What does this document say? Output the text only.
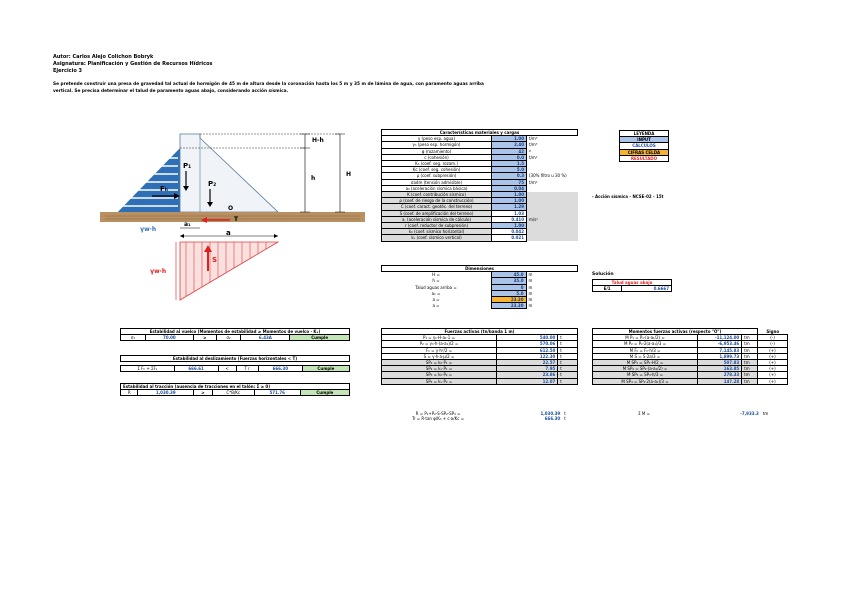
Autor: Carlos Alejo Colichon Bobryk
Asignatura: Planificación y Gestión de Recursos Hídricos
Ejercicio 3
Se pretende construir una presa de gravedad tal actual de hormigón de 45 m de altura desde la coronación hasta los 5 m y 35 m de lámina de agua, con paramento aguas arriba
vertical. Se precisa determinar el talud de paramento aguas abajo, considerando acción sísmica.
P₁
P₂
Fₕ
O
T
a₁
a
γw·h
S
γw·h
H-h
h
H
Características materiales y cargas		
γ (peso esp. agua)	1.00	t/m³
γₕ (peso esp. hormigón)	2.40	t/m³
φ (rozamiento)	42	º
c (cohesión)	0.0	t/m²
Kₕ (coef. seg. rozam.)	1.5	
Kc (coef. seg. cohesión)	5.0	
μ (coef. subpresión)	0.3	(30% filtro u 30 %)
σadm (tensión admisible)	75	t/m²
a₀ (aceleración sísmica básica)	0.04	
K (coef. contribución sísmico)	1.00	
ρ (coef. de riesgo de la construcción)	1.00	
C (coef. caract. geotéc. del terreno)	1.29	
S (coef. de amplificación del terreno)	1.03	
a꜀ (aceleración sísmica de cálculo)	0.410	m/s²
r (coef. reductor de subpresión)	1.00	
kₕ (coef. sísmico horizontal)	0.042	
kᵥ (coef. sísmico vertical)	0.021	
LEYENDA
INPUT
CÁLCULOS
CIFRAS CELDA
RESULTADO
- Acción sísmica - NCSE-02 - 15t
Dimensiones		
H =	45.0	m
h =	35.0	m
Talud aguas arriba =	0	m
a₁ =	5.0	m
a =	23.30	m
a =	23.30	m
Solución
Talud aguas abajo
E/1	0.6667
Estabilidad al vuelco (Momentos de estabilidad ≥ Momentos de vuelco · Kᵥ)
σ₁	70.00	≥	σ₂	6.43A	Cumple
Estabilidad al deslizamiento (Fuerzas horizontales < T)

Σ Fₕ + ΣFₛ	666.61	<	T r	666.30	Cumple
Estabilidad al tracción (ausencia de tracciones en el talón: Σ ≥ 0)
R	1,030.39	≥	C*B/Kc	571.76	Cumple
Fuerzas activas (tn/banda 1 m)		
P₁ = γₕ·H·a₁·1 =	540.00	t
P₂ = γₕ·h·(a-a₁)/2 =	570.06	t
Fₕ = γ·h²/2 =	612.50	t
S = γ·h·a·μ/2 =	122.30	t
SP₁ = kₕ·P₁ =	22.57	t
SP₂ = kᵥ·P₁ =	7.95	t
SP₃ = kₕ·P₂ =	23.86	t
SP₄ = kᵥ·P₂ =	12.07	t
R = P₁+P₂-S-SP₂-SP₄ =	1,030.39	t
Tr = R·tan φ/Kₕ + c·a/Kc =	666.30	t
Momentos fuerzas activas (respecto "O")			Signo
M P₁ = P₁·(a-a₁/2) =	-11,124.00	tm	(-)
M P₂ = P₂·2(a-a₁)/3 =	-6,953.46	tm	(-)
M Fₕ = Fₕ·h/3 =	7,145.83	tm	(+)
M S = S·2a/3 =	1,899.73	tm	(+)
M SP₁ = SP₁·H/2 =	507.83	tm	(+)
M SP₂ = SP₂·(a-a₁/2) =	163.85	tm	(+)
M SP₃ = SP₃·h/3 =	278.33	tm	(+)
M SP₄ = SP₄·2(a-a₁)/3 =	147.28	tm	(+)
Σ M =	-7,933.3	tm
